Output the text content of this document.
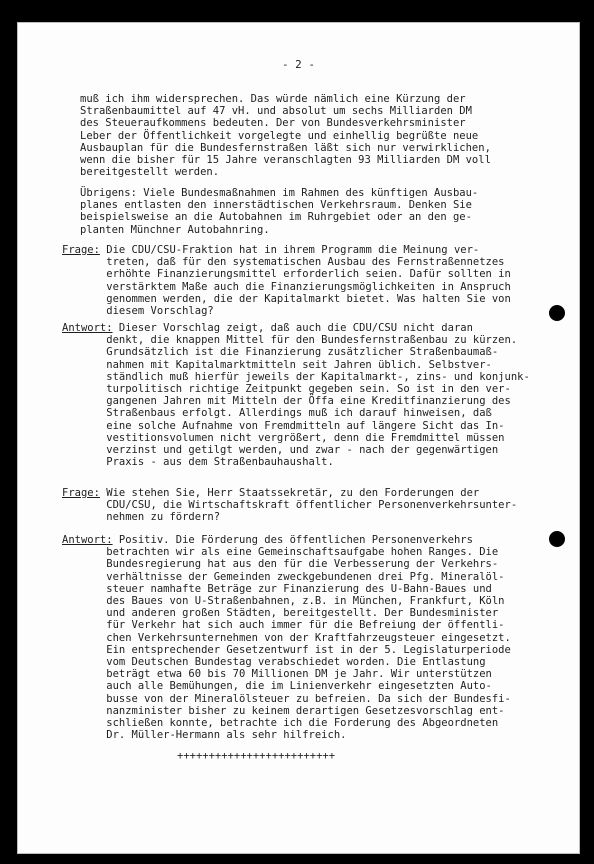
- 2 -
muß ich ihm widersprechen. Das würde nämlich eine Kürzung der
Straßenbaumittel auf 47 vH. und absolut um sechs Milliarden DM
des Steueraufkommens bedeuten. Der von Bundesverkehrsminister
Leber der Öffentlichkeit vorgelegte und einhellig begrüßte neue
Ausbauplan für die Bundesfernstraßen läßt sich nur verwirklichen,
wenn die bisher für 15 Jahre veranschlagten 93 Milliarden DM voll
bereitgestellt werden.
Übrigens: Viele Bundesmaßnahmen im Rahmen des künftigen Ausbau-
planes entlasten den innerstädtischen Verkehrsraum. Denken Sie
beispielsweise an die Autobahnen im Ruhrgebiet oder an den ge-
planten Münchner Autobahnring.
Frage: Die CDU/CSU-Fraktion hat in ihrem Programm die Meinung ver-
treten, daß für den systematischen Ausbau des Fernstraßennetzes
erhöhte Finanzierungsmittel erforderlich seien. Dafür sollten in
verstärktem Maße auch die Finanzierungsmöglichkeiten in Anspruch
genommen werden, die der Kapitalmarkt bietet. Was halten Sie von
diesem Vorschlag?
Antwort: Dieser Vorschlag zeigt, daß auch die CDU/CSU nicht daran
denkt, die knappen Mittel für den Bundesfernstraßenbau zu kürzen.
Grundsätzlich ist die Finanzierung zusätzlicher Straßenbaumaß-
nahmen mit Kapitalmarktmitteln seit Jahren üblich. Selbstver-
ständlich muß hierfür jeweils der Kapitalmarkt-, zins- und konjunk-
turpolitisch richtige Zeitpunkt gegeben sein. So ist in den ver-
gangenen Jahren mit Mitteln der Öffa eine Kreditfinanzierung des
Straßenbaus erfolgt. Allerdings muß ich darauf hinweisen, daß
eine solche Aufnahme von Fremdmitteln auf längere Sicht das In-
vestitionsvolumen nicht vergrößert, denn die Fremdmittel müssen
verzinst und getilgt werden, und zwar - nach der gegenwärtigen
Praxis - aus dem Straßenbauhaushalt.
Frage: Wie stehen Sie, Herr Staatssekretär, zu den Forderungen der
CDU/CSU, die Wirtschaftskraft öffentlicher Personenverkehrsunter-
nehmen zu fördern?
Antwort: Positiv. Die Förderung des öffentlichen Personenverkehrs
betrachten wir als eine Gemeinschaftsaufgabe hohen Ranges. Die
Bundesregierung hat aus den für die Verbesserung der Verkehrs-
verhältnisse der Gemeinden zweckgebundenen drei Pfg. Mineralöl-
steuer namhafte Beträge zur Finanzierung des U-Bahn-Baues und
des Baues von U-Straßenbahnen, z.B. in München, Frankfurt, Köln
und anderen großen Städten, bereitgestellt. Der Bundesminister
für Verkehr hat sich auch immer für die Befreiung der öffentli-
chen Verkehrsunternehmen von der Kraftfahrzeugsteuer eingesetzt.
Ein entsprechender Gesetzentwurf ist in der 5. Legislaturperiode
vom Deutschen Bundestag verabschiedet worden. Die Entlastung
beträgt etwa 60 bis 70 Millionen DM je Jahr. Wir unterstützen
auch alle Bemühungen, die im Linienverkehr eingesetzten Auto-
busse von der Mineralölsteuer zu befreien. Da sich der Bundesfi-
nanzminister bisher zu keinem derartigen Gesetzesvorschlag ent-
schließen konnte, betrachte ich die Forderung des Abgeordneten
Dr. Müller-Hermann als sehr hilfreich.
+++++++++++++++++++++++++
